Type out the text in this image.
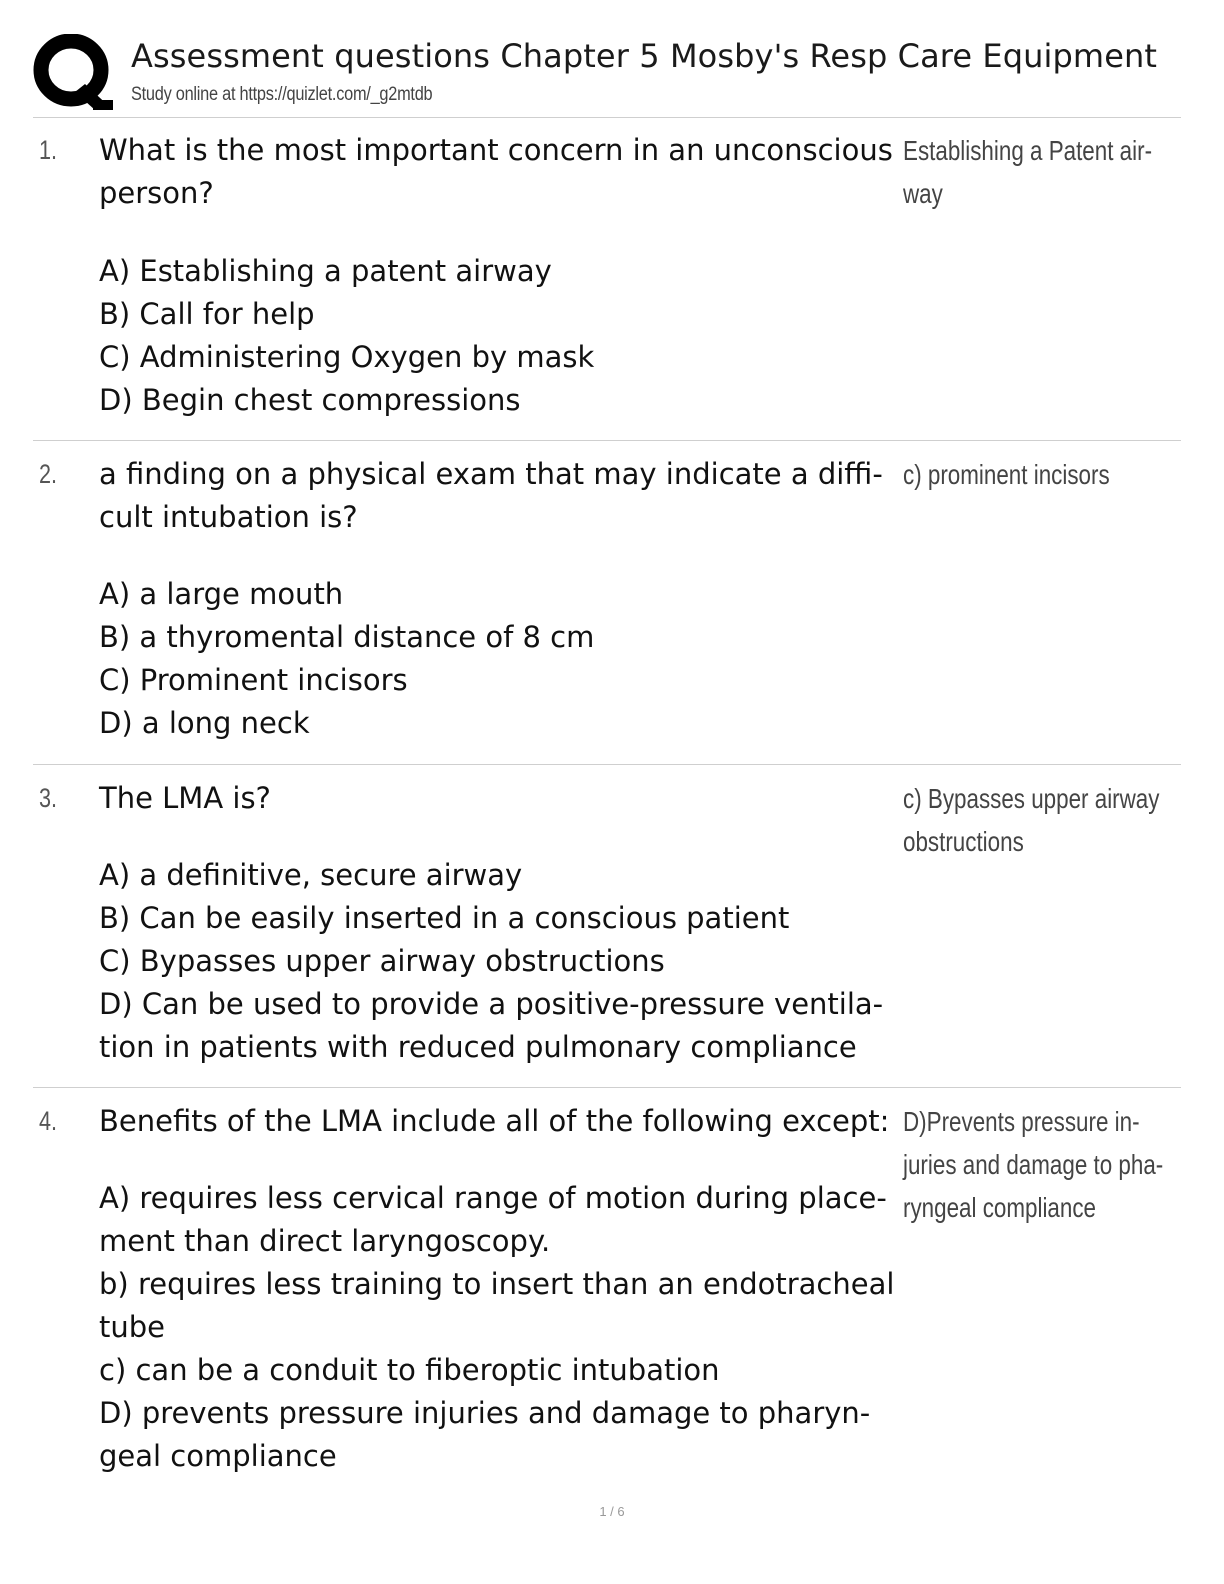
Assessment questions Chapter 5 Mosby's Resp Care Equipment
Study online at https://quizlet.com/_g2mtdb
1. What is the most important concern in an unconscious

person?

A) Establishing a patent airway

B) Call for help

C) Administering Oxygen by mask

D) Begin chest compressions

Establishing a Patent air-
way
2. a finding on a physical exam that may indicate a diffi-

cult intubation is?

A) a large mouth

B) a thyromental distance of 8 cm

C) Prominent incisors

D) a long neck

c) prominent incisors
3. The LMA is?

A) a definitive, secure airway

B) Can be easily inserted in a conscious patient

C) Bypasses upper airway obstructions

D) Can be used to provide a positive-pressure ventila-

tion in patients with reduced pulmonary compliance

c) Bypasses upper airway
obstructions
4. Benefits of the LMA include all of the following except:

A) requires less cervical range of motion during place-

ment than direct laryngoscopy.

b) requires less training to insert than an endotracheal

tube

c) can be a conduit to fiberoptic intubation

D) prevents pressure injuries and damage to pharyn-

geal compliance

D)Prevents pressure in-
juries and damage to pha-
ryngeal compliance
1 / 6
